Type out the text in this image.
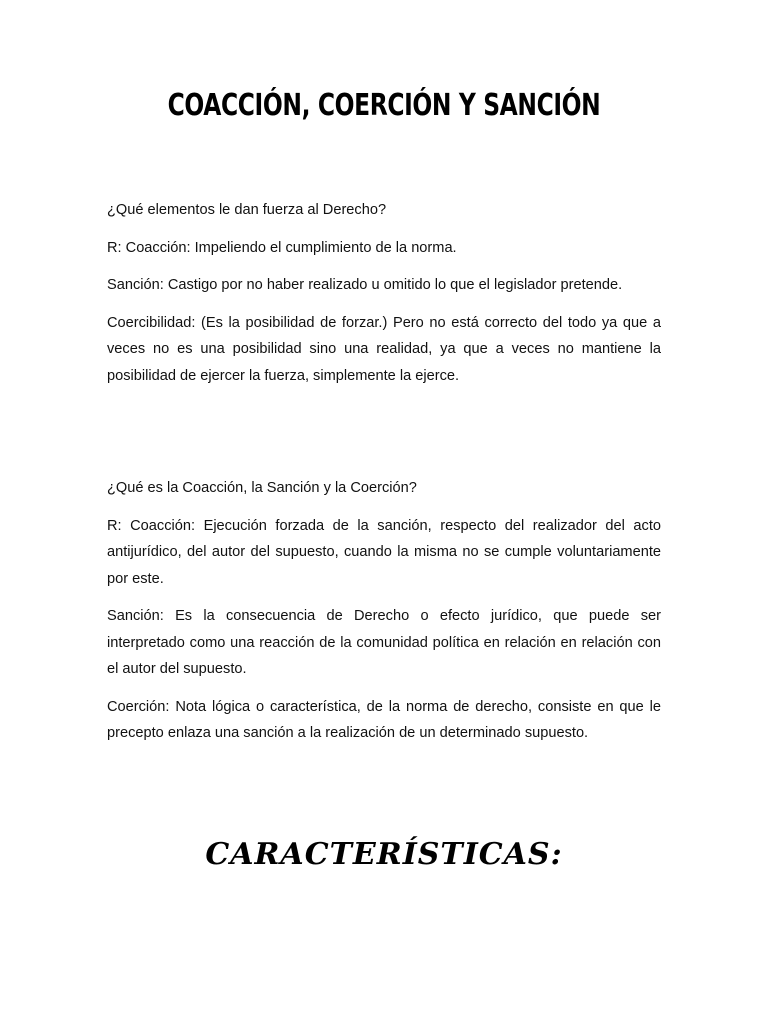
COACCIÓN, COERCIÓN Y SANCIÓN

¿Qué elementos le dan fuerza al Derecho?

R: Coacción: Impeliendo el cumplimiento de la norma.

Sanción: Castigo por no haber realizado u omitido lo que el legislador pretende.

Coercibilidad: (Es la posibilidad de forzar.) Pero no está correcto del todo ya que a veces no es una posibilidad sino una realidad, ya que a veces no mantiene la posibilidad de ejercer la fuerza, simplemente la ejerce.

¿Qué es la Coacción, la Sanción y la Coerción?

R: Coacción: Ejecución forzada de la sanción, respecto del realizador del acto antijurídico, del autor del supuesto, cuando la misma no se cumple voluntariamente por este.

Sanción: Es la consecuencia de Derecho o efecto jurídico, que puede ser interpretado como una reacción de la comunidad política en relación en relación con el autor del supuesto.

Coerción: Nota lógica o característica, de la norma de derecho, consiste en que le precepto enlaza una sanción a la realización de un determinado supuesto.

CARACTERÍSTICAS:
